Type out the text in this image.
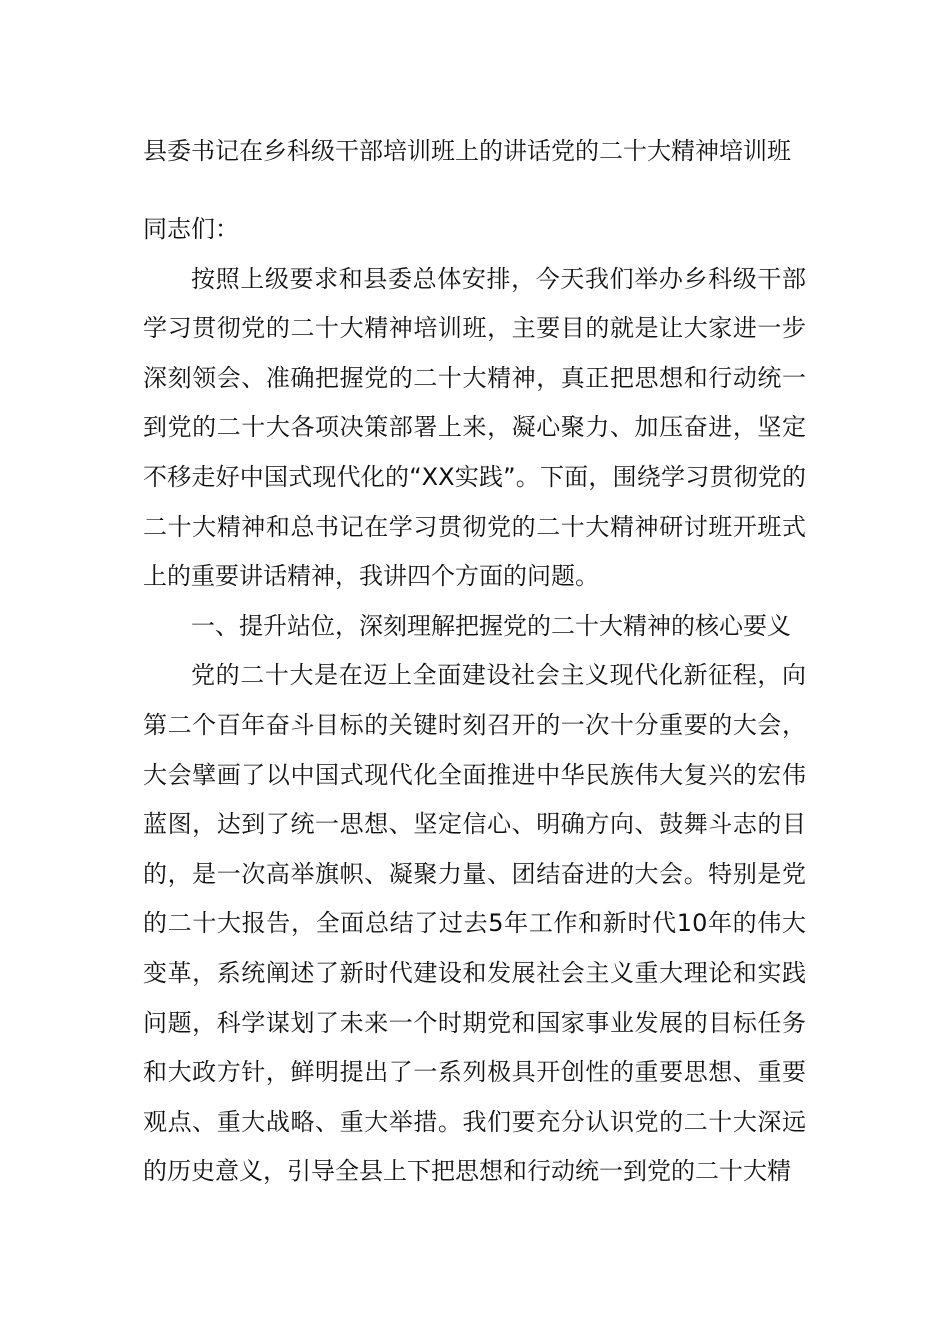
县委书记在乡科级干部培训班上的讲话党的二十大精神培训班

同志们：

按照上级要求和县委总体安排，今天我们举办乡科级干部学习贯彻党的二十大精神培训班，主要目的就是让大家进一步深刻领会、准确把握党的二十大精神，真正把思想和行动统一到党的二十大各项决策部署上来，凝心聚力、加压奋进，坚定不移走好中国式现代化的“XX实践”。下面，围绕学习贯彻党的二十大精神和总书记在学习贯彻党的二十大精神研讨班开班式上的重要讲话精神，我讲四个方面的问题。

一、提升站位，深刻理解把握党的二十大精神的核心要义

党的二十大是在迈上全面建设社会主义现代化新征程，向第二个百年奋斗目标的关键时刻召开的一次十分重要的大会，大会擘画了以中国式现代化全面推进中华民族伟大复兴的宏伟蓝图，达到了统一思想、坚定信心、明确方向、鼓舞斗志的目的，是一次高举旗帜、凝聚力量、团结奋进的大会。特别是党的二十大报告，全面总结了过去5年工作和新时代10年的伟大变革，系统阐述了新时代建设和发展社会主义重大理论和实践问题，科学谋划了未来一个时期党和国家事业发展的目标任务和大政方针，鲜明提出了一系列极具开创性的重要思想、重要观点、重大战略、重大举措。我们要充分认识党的二十大深远的历史意义，引导全县上下把思想和行动统一到党的二十大精
